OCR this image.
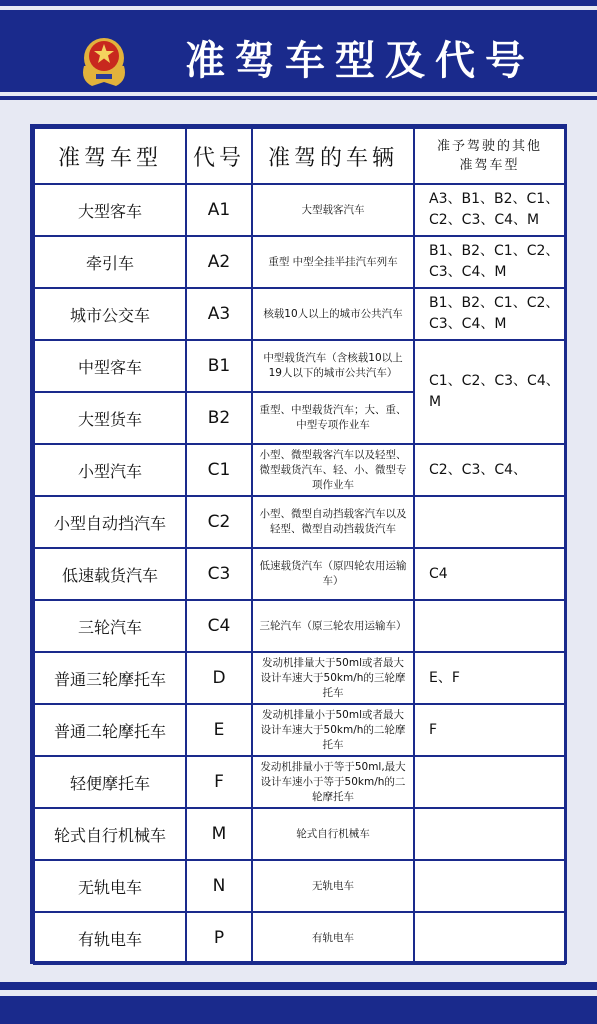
准驾车型及代号
准驾车型	代号	准驾的车辆	准予驾驶的其他
准驾车型

大型客车	A1	大型载客汽车	A3、B1、B2、C1、C2、C3、C4、M
牵引车	A2	重型 中型全挂半挂汽车列车	B1、B2、C1、C2、C3、C4、M
城市公交车	A3	核载10人以上的城市公共汽车	B1、B2、C1、C2、C3、C4、M
中型客车	B1	中型载货汽车（含核载10以上19人以下的城市公共汽车）	C1、C2、C3、C4、M
大型货车	B2	重型、中型载货汽车；大、重、中型专项作业车	
小型汽车	C1	小型、微型载客汽车以及轻型、微型载货汽车、轻、小、微型专项作业车	C2、C3、C4、
小型自动挡汽车	C2	小型、微型自动挡载客汽车以及轻型、微型自动挡载货汽车	
低速载货汽车	C3	低速载货汽车（原四轮农用运输车）	C4
三轮汽车	C4	三轮汽车（原三轮农用运输车）	
普通三轮摩托车	D	发动机排量大于50ml或者最大设计车速大于50km/h的三轮摩托车	E、F
普通二轮摩托车	E	发动机排量小于50ml或者最大设计车速大于50km/h的二轮摩托车	F
轻便摩托车	F	发动机排量小于等于50ml,最大设计车速小于等于50km/h的二轮摩托车	
轮式自行机械车	M	轮式自行机械车	
无轨电车	N	无轨电车	
有轨电车	P	有轨电车	
